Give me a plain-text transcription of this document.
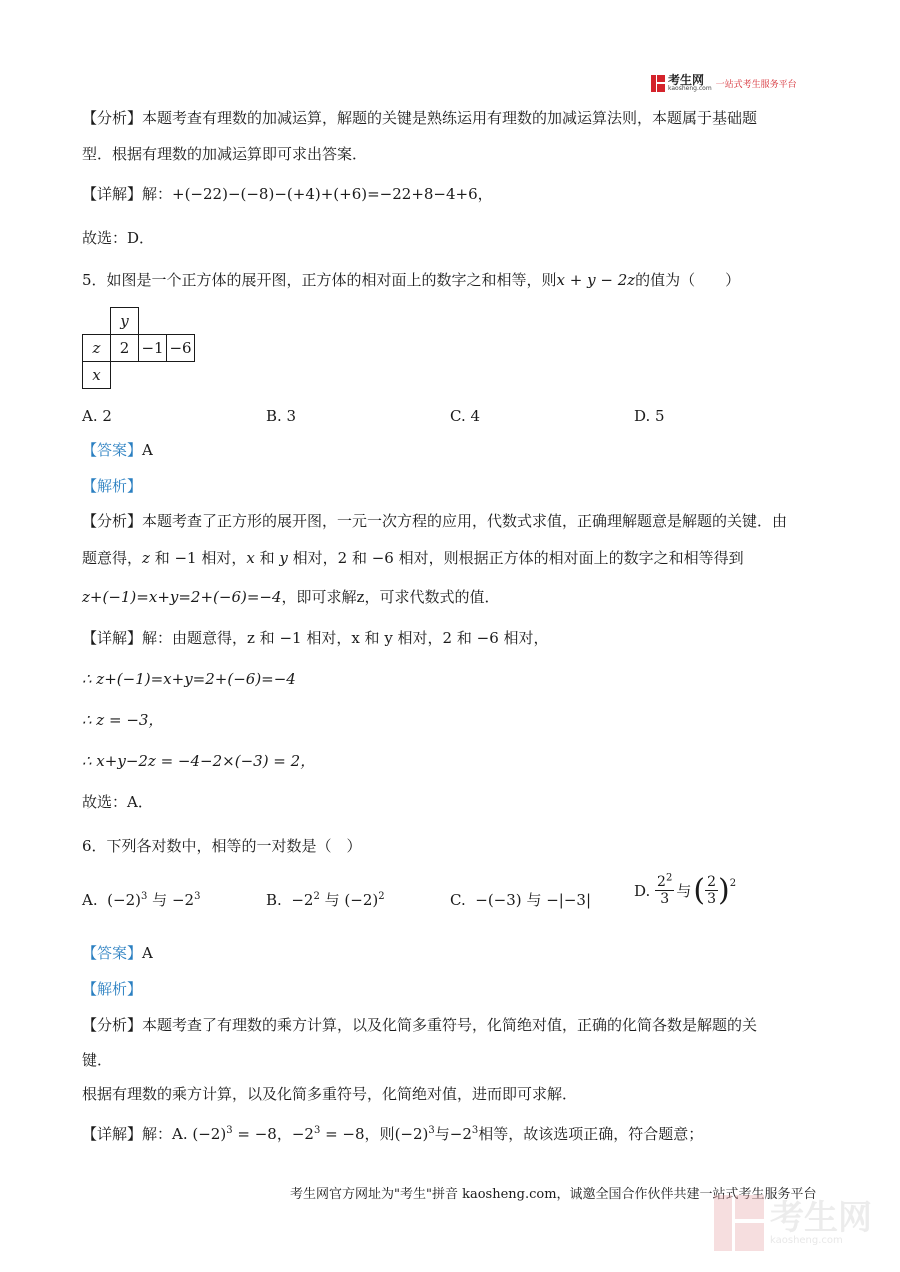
考生网
kaosheng.com 一站式考生服务平台
【分析】本题考查有理数的加减运算，解题的关键是熟练运用有理数的加减运算法则，本题属于基础题
型．根据有理数的加减运算即可求出答案．
【详解】解：+(−22)−(−8)−(+4)+(+6)=−22+8−4+6，
故选：D．
5．如图是一个正方体的展开图，正方体的相对面上的数字之和相等，则x + y − 2z的值为（　　）
	y		
z	2	−1	−6
x			
A. 2	B. 3	C. 4	D. 5
【答案】A
【解析】
【分析】本题考查了正方形的展开图，一元一次方程的应用，代数式求值，正确理解题意是解题的关键．由
题意得，z 和 −1 相对，x 和 y 相对，2 和 −6 相对，则根据正方体的相对面上的数字之和相等得到
z+(−1)=x+y=2+(−6)=−4，即可求解z，可求代数式的值．
【详解】解：由题意得，z 和 −1 相对，x 和 y 相对，2 和 −6 相对，
∴ z+(−1)=x+y=2+(−6)=−4
∴ z = −3，
∴ x+y−2z = −4−2×(−3) = 2，
故选：A．
6．下列各对数中，相等的一对数是（　）
A. $(-2)^3$ 与 $-2^3$	B. $-2^2$ 与 $(-2)^2$	C. −(−3) 与 −|−3|
D.
$\frac{2^2}{3}$ 与 ( $\frac{2}{3}$ ) 2
【答案】A
【解析】
【分析】本题考查了有理数的乘方计算，以及化简多重符号，化简绝对值，正确的化简各数是解题的关
键．
根据有理数的乘方计算，以及化简多重符号，化简绝对值，进而即可求解．
【详解】解：A. $(-2)^3 = -8$，$-2^3 = -8$，则$(-2)^3$与$-2^3$相等，故该选项正确，符合题意；
考生网官方网址为"考生"拼音 kaosheng.com，诚邀全国合作伙伴共建一站式考生服务平台
考生网
kaosheng.com
